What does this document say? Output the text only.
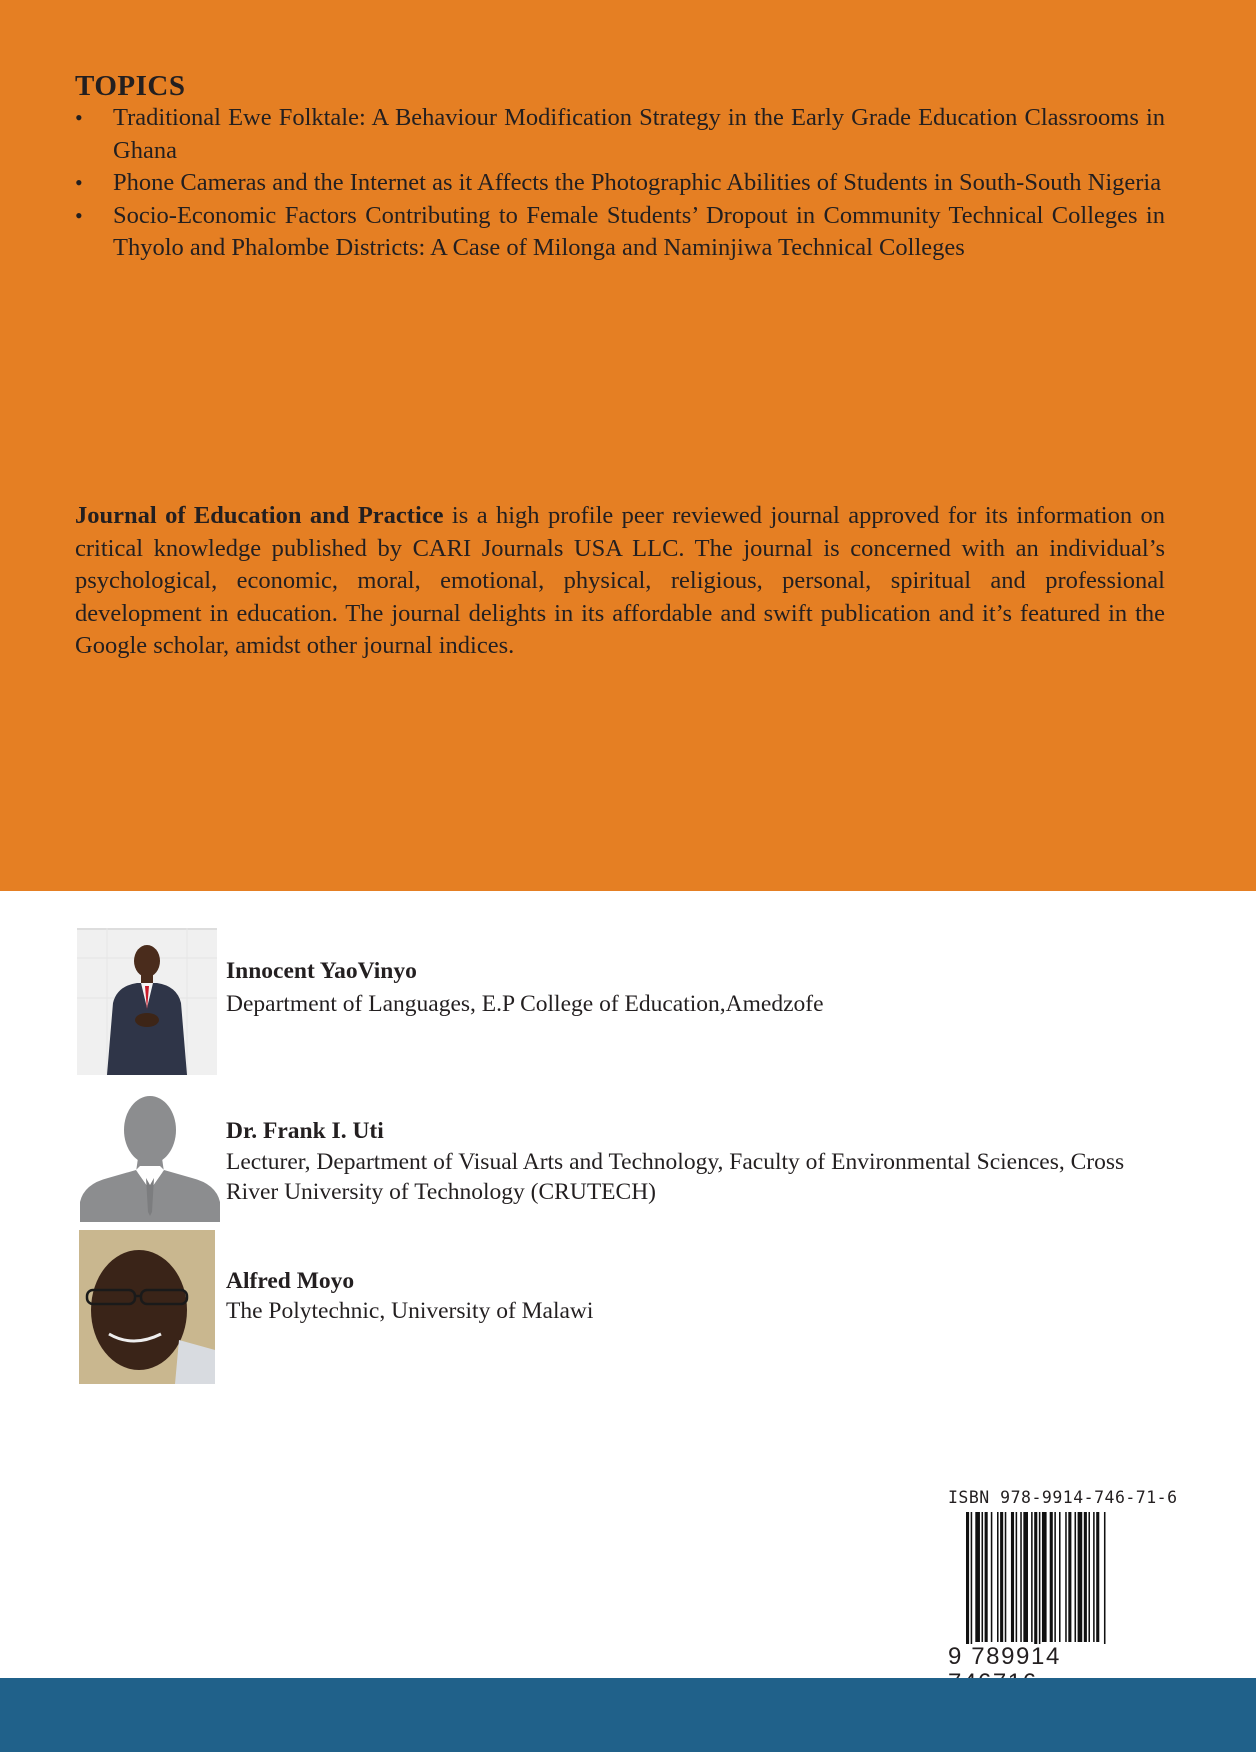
TOPICS
• Traditional Ewe Folktale: A Behaviour Modification Strategy in the Early Grade Education Classrooms in Ghana
• Phone Cameras and the Internet as it Affects the Photographic Abilities of Students in South-South Nigeria
• Socio-Economic Factors Contributing to Female Students’ Dropout in Community Technical Colleges in Thyolo and Phalombe Districts: A Case of Milonga and Naminjiwa Technical Colleges

Journal of Education and Practice is a high profile peer reviewed journal approved for its information on critical knowledge published by CARI Journals USA LLC. The journal is concerned with an individual’s psychological, economic, moral, emotional, physical, religious, personal, spiritual and professional development in education. The journal delights in its affordable and swift publication and it’s featured in the Google scholar, amidst other journal indices.

Innocent YaoVinyo
Department of Languages, E.P College of Education,Amedzofe
Dr. Frank I. Uti
Lecturer, Department of Visual Arts and Technology, Faculty of Environmental Sciences, Cross River University of Technology (CRUTECH)
Alfred Moyo
The Polytechnic, University of Malawi
ISBN 978-9914-746-71-6
9 789914
